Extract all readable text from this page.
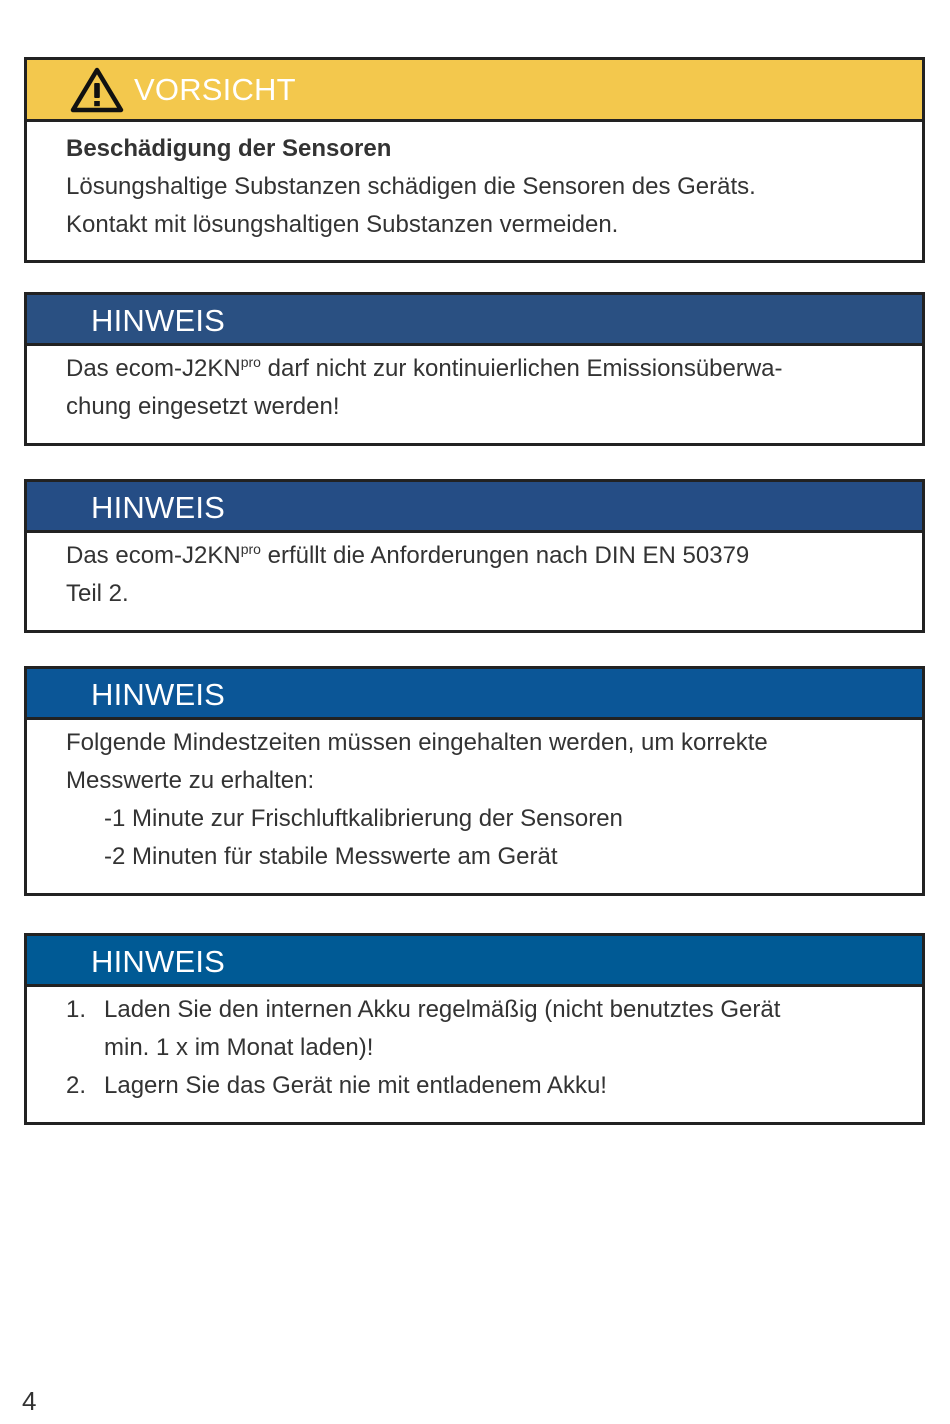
VORSICHT
Beschädigung der Sensoren
Lösungshaltige Substanzen schädigen die Sensoren des Geräts.
Kontakt mit lösungshaltigen Substanzen vermeiden.
HINWEIS
Das ecom-$J2KN^{pro}$ darf nicht zur kontinuierlichen Emissionsüberwa-
chung eingesetzt werden!
HINWEIS
Das ecom-$J2KN^{pro}$ erfüllt die Anforderungen nach DIN EN 50379
Teil 2.
HINWEIS
Folgende Mindestzeiten müssen eingehalten werden, um korrekte
Messwerte zu erhalten:
-1 Minute zur Frischluftkalibrierung der Sensoren
-2 Minuten für stabile Messwerte am Gerät
HINWEIS
1. Laden Sie den internen Akku regelmäßig (nicht benutztes Gerät
min. 1 x im Monat laden)!
2. Lagern Sie das Gerät nie mit entladenem Akku!
4
